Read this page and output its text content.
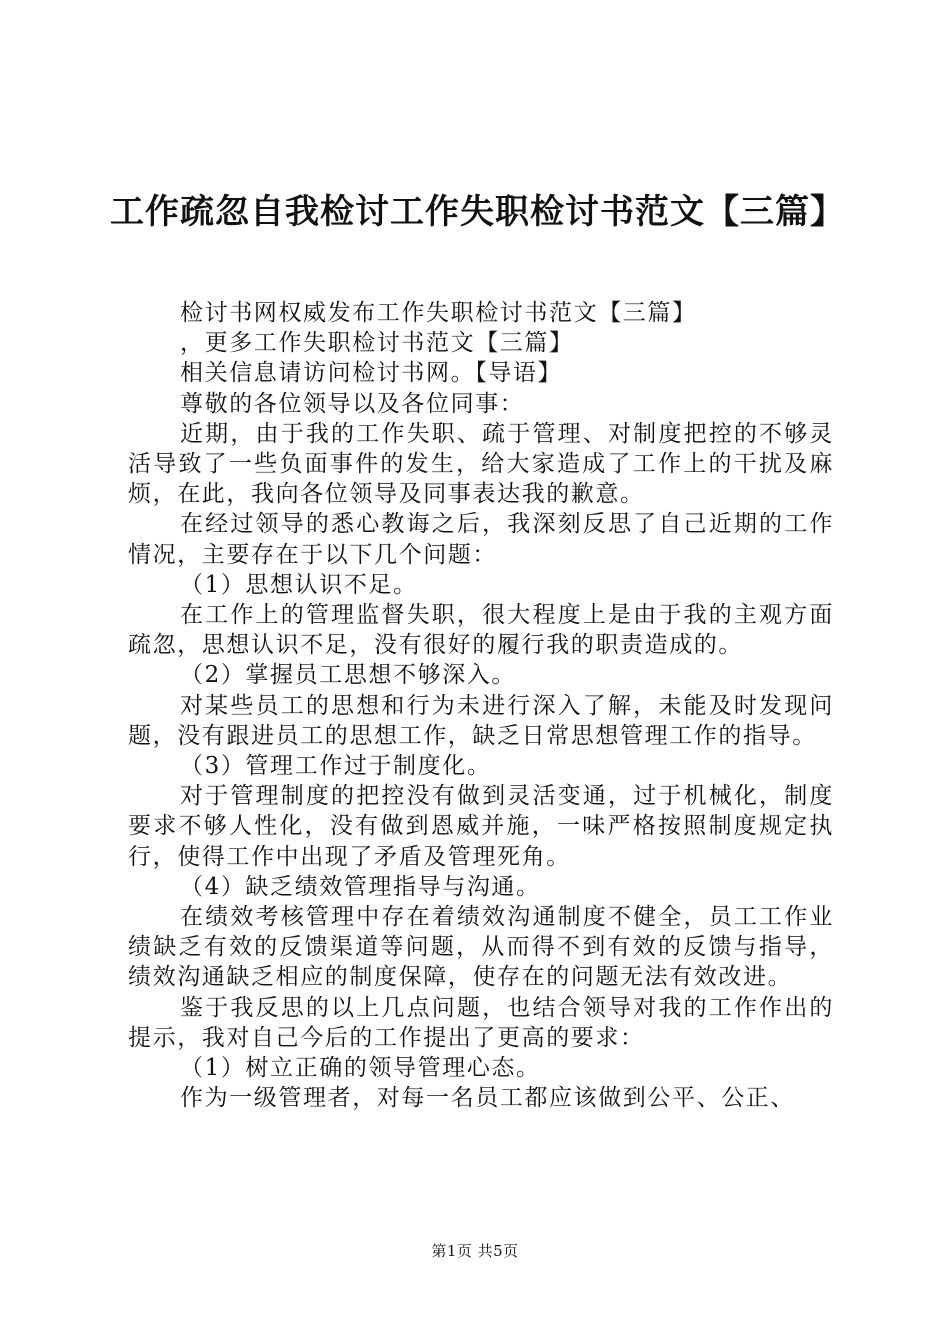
工作疏忽自我检讨工作失职检讨书范文【三篇】

检讨书网权威发布工作失职检讨书范文【三篇】

，更多工作失职检讨书范文【三篇】

相关信息请访问检讨书网。【导语】

尊敬的各位领导以及各位同事：

近期，由于我的工作失职、疏于管理、对制度把控的不够灵活导致了一些负面事件的发生，给大家造成了工作上的干扰及麻烦，在此，我向各位领导及同事表达我的歉意。

在经过领导的悉心教诲之后，我深刻反思了自己近期的工作情况，主要存在于以下几个问题：

（1）思想认识不足。

在工作上的管理监督失职，很大程度上是由于我的主观方面疏忽，思想认识不足，没有很好的履行我的职责造成的。

（2）掌握员工思想不够深入。

对某些员工的思想和行为未进行深入了解，未能及时发现问题，没有跟进员工的思想工作，缺乏日常思想管理工作的指导。

（3）管理工作过于制度化。

对于管理制度的把控没有做到灵活变通，过于机械化，制度要求不够人性化，没有做到恩威并施，一味严格按照制度规定执行，使得工作中出现了矛盾及管理死角。

（4）缺乏绩效管理指导与沟通。

在绩效考核管理中存在着绩效沟通制度不健全，员工工作业绩缺乏有效的反馈渠道等问题，从而得不到有效的反馈与指导，绩效沟通缺乏相应的制度保障，使存在的问题无法有效改进。

鉴于我反思的以上几点问题，也结合领导对我的工作作出的提示，我对自己今后的工作提出了更高的要求：

（1）树立正确的领导管理心态。

作为一级管理者，对每一名员工都应该做到公平、公正、

第1页 共5页
